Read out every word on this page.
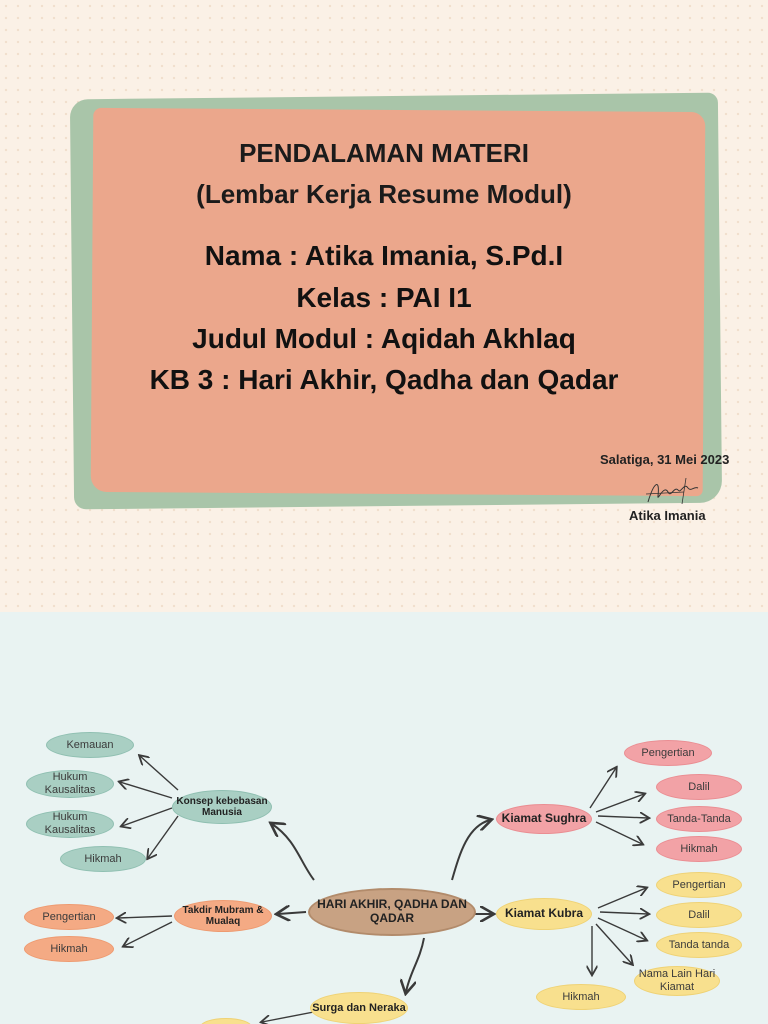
PENDALAMAN MATERI
(Lembar Kerja Resume Modul)
Nama : Atika Imania, S.Pd.I
Kelas : PAI I1
Judul Modul : Aqidah Akhlaq
KB 3 : Hari Akhir, Qadha dan Qadar
Salatiga, 31 Mei 2023
Atika Imania
HARI AKHIR, QADHA DAN QADAR
Konsep kebebasan Manusia
Kemauan
Hukum Kausalitas
Hukum Kausalitas
Hikmah
Takdir Mubram & Mualaq
Pengertian
Hikmah
Kiamat Sughra
Pengertian
Dalil
Tanda-Tanda
Hikmah
Kiamat Kubra
Pengertian
Dalil
Tanda tanda
Nama Lain Hari Kiamat
Hikmah
Surga dan Neraka
